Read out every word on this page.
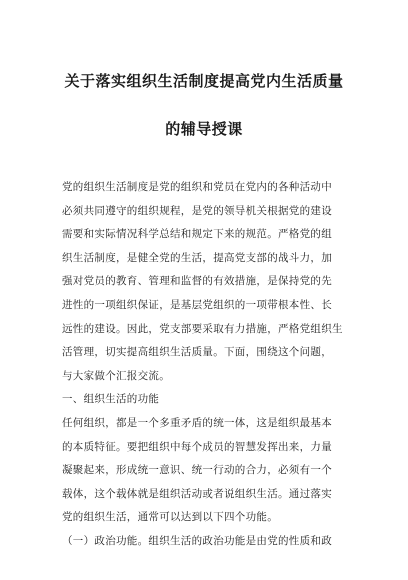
关于落实组织生活制度提高党内生活质量
的辅导授课
党的组织生活制度是党的组织和党员在党内的各种活动中
必须共同遵守的组织规程，是党的领导机关根据党的建设
需要和实际情况科学总结和规定下来的规范。严格党的组
织生活制度，是健全党的生活，提高党支部的战斗力，加
强对党员的教育、管理和监督的有效措施，是保持党的先
进性的一项组织保证，是基层党组织的一项带根本性、长
远性的建设。因此，党支部要采取有力措施，严格党组织生
活管理，切实提高组织生活质量。下面，围绕这个问题，
与大家做个汇报交流。
一、组织生活的功能
任何组织，都是一个多重矛盾的统一体，这是组织最基本
的本质特征。要把组织中每个成员的智慧发挥出来，力量
凝聚起来，形成统一意识、统一行动的合力，必须有一个
载体，这个载体就是组织活动或者说组织生活。通过落实
党的组织生活，通常可以达到以下四个功能。
（一）政治功能。组织生活的政治功能是由党的性质和政
